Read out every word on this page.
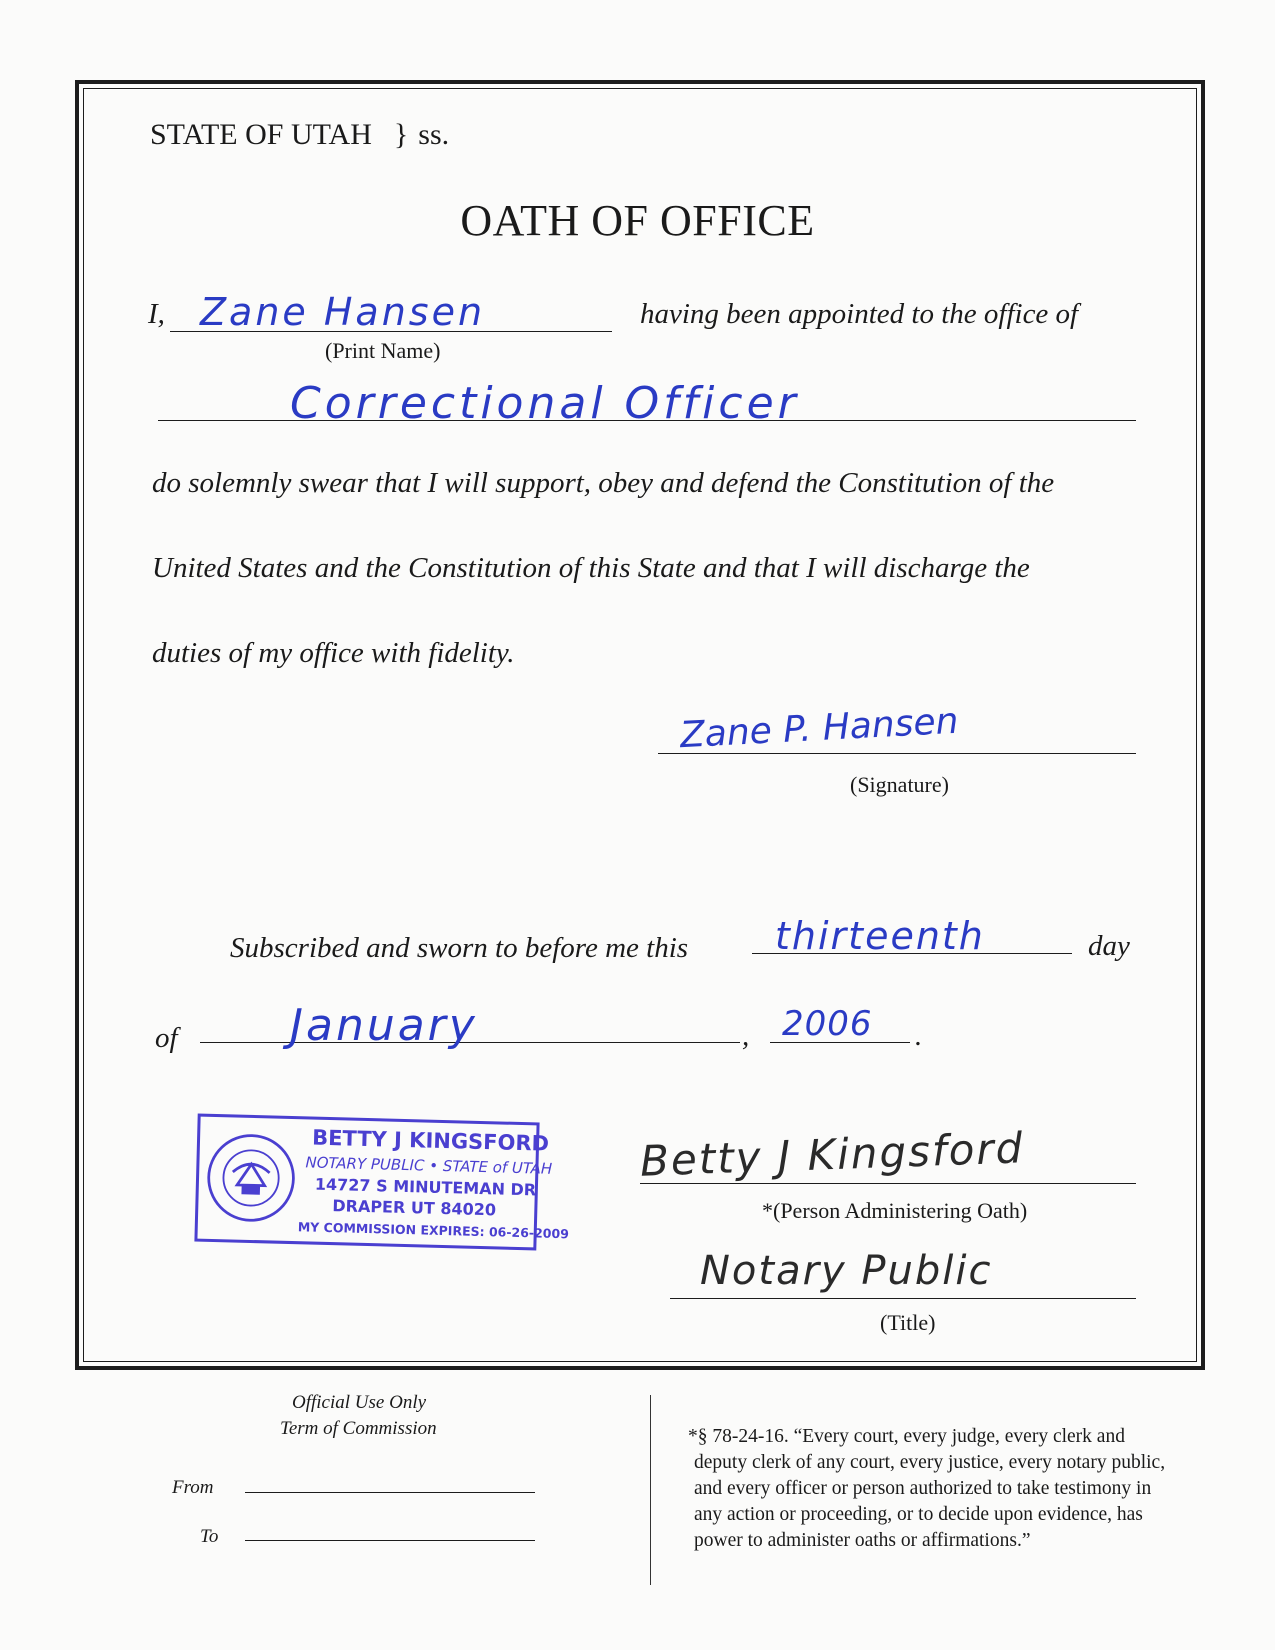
STATE OF UTAH } ss.
OATH OF OFFICE
I, Zane Hansen
(Print Name)
having been appointed to the office of
Correctional Officer
do solemnly swear that I will support, obey and defend the Constitution of the
United States and the Constitution of this State and that I will discharge the
duties of my office with fidelity.
Zane P. Hansen
(Signature)
Subscribed and sworn to before me this thirteenth	day
of	January	, 2006 .
BETTY J KINGSFORD
NOTARY PUBLIC • STATE of UTAH
14727 S MINUTEMAN DR
DRAPER UT 84020
MY COMMISSION EXPIRES: 06-26-2009
Betty J Kingsford
*(Person Administering Oath)
Notary Public
(Title)
Official Use Only
Term of Commission
From
To
*§ 78-24-16. “Every court, every judge, every clerk and
deputy clerk of any court, every justice, every notary public,
and every officer or person authorized to take testimony in
any action or proceeding, or to decide upon evidence, has
power to administer oaths or affirmations.”
